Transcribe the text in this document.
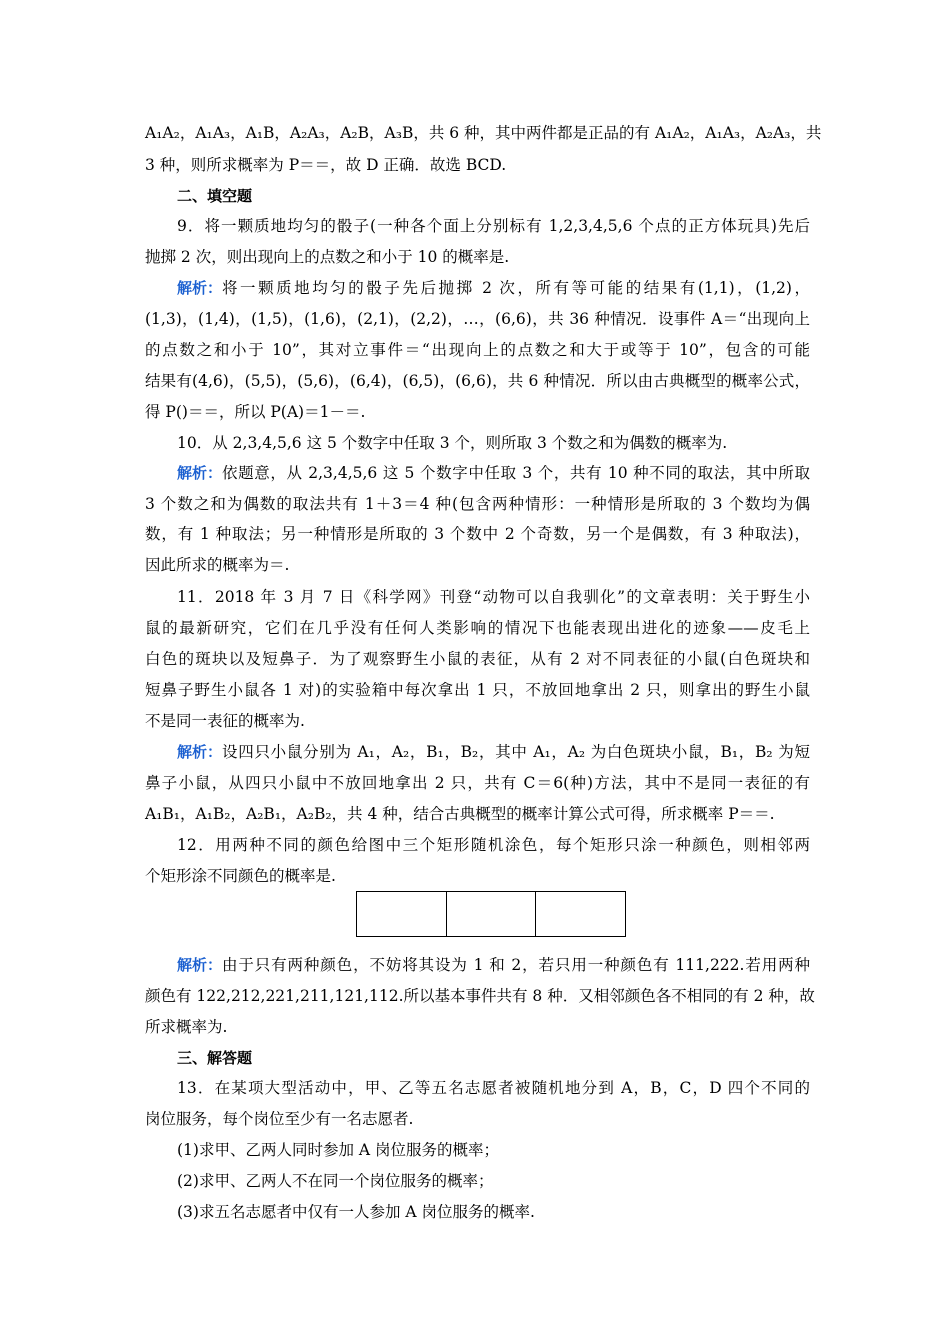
A₁A₂，A₁A₃，A₁B，A₂A₃，A₂B，A₃B，共 6 种，其中两件都是正品的有 A₁A₂，A₁A₃，A₂A₃，共
3 种，则所求概率为 P＝＝，故 D 正确．故选 BCD.
二、填空题
9．将一颗质地均匀的骰子(一种各个面上分别标有 1,2,3,4,5,6 个点的正方体玩具)先后
抛掷 2 次，则出现向上的点数之和小于 10 的概率是.
解析： 将一颗质地均匀的骰子先后抛掷 2 次，所有等可能的结果有(1,1)，(1,2)，
(1,3)，(1,4)，(1,5)，(1,6)，(2,1)，(2,2)，…，(6,6)，共 36 种情况．设事件 A＝“出现向上
的点数之和小于 10”，其对立事件＝“出现向上的点数之和大于或等于 10”，包含的可能
结果有(4,6)，(5,5)，(5,6)，(6,4)，(6,5)，(6,6)，共 6 种情况．所以由古典概型的概率公式，
得 P()＝＝，所以 P(A)＝1－＝.
10．从 2,3,4,5,6 这 5 个数字中任取 3 个，则所取 3 个数之和为偶数的概率为.
解析： 依题意，从 2,3,4,5,6 这 5 个数字中任取 3 个，共有 10 种不同的取法，其中所取
3 个数之和为偶数的取法共有 1＋3＝4 种(包含两种情形：一种情形是所取的 3 个数均为偶
数，有 1 种取法；另一种情形是所取的 3 个数中 2 个奇数，另一个是偶数，有 3 种取法)，
因此所求的概率为＝.
11．2018 年 3 月 7 日《科学网》刊登“动物可以自我驯化”的文章表明：关于野生小
鼠的最新研究，它们在几乎没有任何人类影响的情况下也能表现出进化的迹象——皮毛上
白色的斑块以及短鼻子．为了观察野生小鼠的表征，从有 2 对不同表征的小鼠(白色斑块和
短鼻子野生小鼠各 1 对)的实验箱中每次拿出 1 只，不放回地拿出 2 只，则拿出的野生小鼠
不是同一表征的概率为.
解析： 设四只小鼠分别为 A₁，A₂，B₁，B₂，其中 A₁，A₂ 为白色斑块小鼠，B₁，B₂ 为短
鼻子小鼠，从四只小鼠中不放回地拿出 2 只，共有 C＝6(种)方法，其中不是同一表征的有
A₁B₁，A₁B₂，A₂B₁，A₂B₂，共 4 种，结合古典概型的概率计算公式可得，所求概率 P＝＝.
12．用两种不同的颜色给图中三个矩形随机涂色，每个矩形只涂一种颜色，则相邻两
个矩形涂不同颜色的概率是.
解析： 由于只有两种颜色，不妨将其设为 1 和 2，若只用一种颜色有 111,222.若用两种
颜色有 122,212,221,211,121,112.所以基本事件共有 8 种．又相邻颜色各不相同的有 2 种，故
所求概率为.
三、解答题
13．在某项大型活动中，甲、乙等五名志愿者被随机地分到 A，B，C，D 四个不同的
岗位服务，每个岗位至少有一名志愿者.
(1)求甲、乙两人同时参加 A 岗位服务的概率；
(2)求甲、乙两人不在同一个岗位服务的概率；
(3)求五名志愿者中仅有一人参加 A 岗位服务的概率.
